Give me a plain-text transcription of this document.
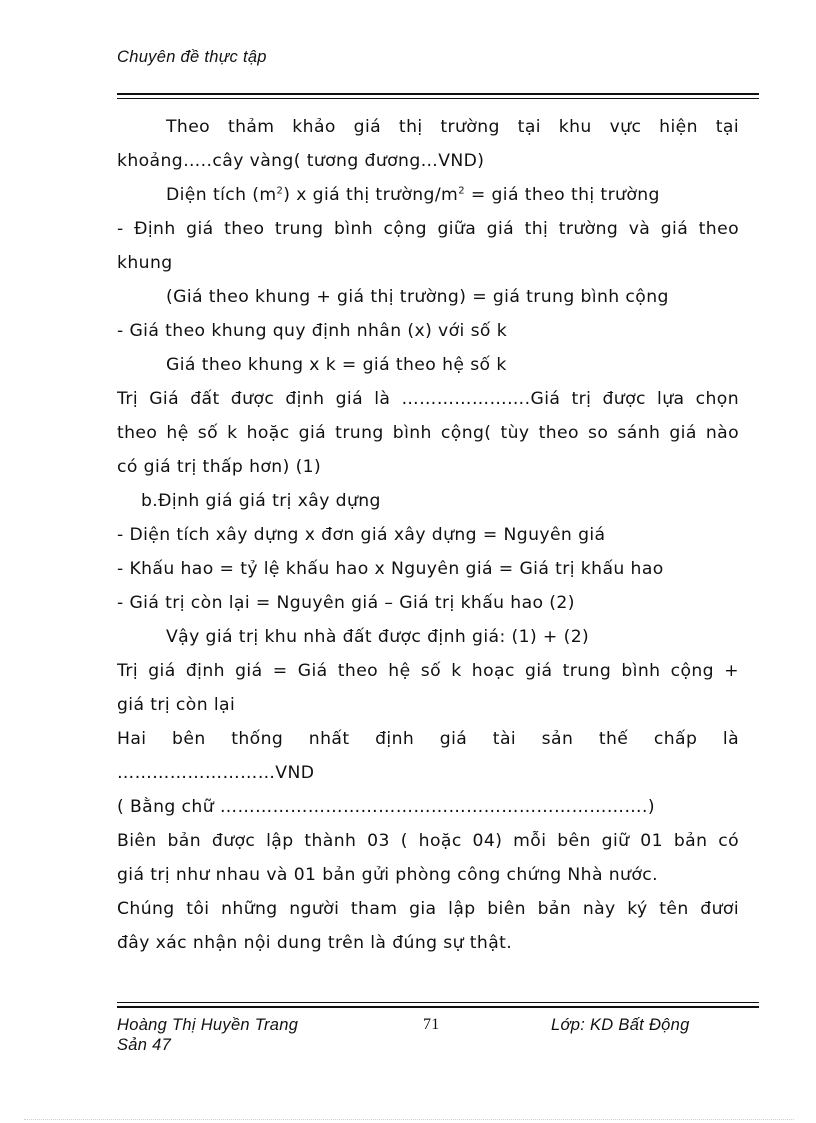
Chuyên đề thực tập
Theo thảm khảo giá thị trường tại khu vực hiện tại
khoảng…..cây vàng( tương đương…VND)
Diện tích $(m^2)$ x giá thị trường/$m^2$ = giá theo thị trường
- Định giá theo trung bình cộng giữa giá thị trường và giá theo
khung
(Giá theo khung + giá thị trường) = giá trung bình cộng
- Giá theo khung quy định nhân (x) với số k
Giá theo khung x k = giá theo hệ số k
Trị Giá đất được định giá là ………………….Giá trị được lựa chọn
theo hệ số k hoặc giá trung bình cộng( tùy theo so sánh giá nào
có giá trị thấp hơn) (1)
b.Định giá giá trị xây dựng
- Diện tích xây dựng x đơn giá xây dựng = Nguyên giá
- Khấu hao = tỷ lệ khấu hao x Nguyên giá = Giá trị khấu hao
- Giá trị còn lại = Nguyên giá – Giá trị khấu hao (2)
Vậy giá trị khu nhà đất được định giá: (1) + (2)
Trị giá định giá = Giá theo hệ số k hoạc giá trung bình cộng +
giá trị còn lại
Hai bên thống nhất định giá tài sản thế chấp là
………………………VND
( Bằng chữ ……………………………………………………………….)
Biên bản được lập thành 03 ( hoặc 04) mỗi bên giữ 01 bản có
giá trị như nhau và 01 bản gửi phòng công chứng Nhà nước.
Chúng tôi những người tham gia lập biên bản này ký tên đươi
đây xác nhận nội dung trên là đúng sự thật.
Hoàng Thị Huyền Trang	71	Lớp: KD Bất Động
Sản 47
